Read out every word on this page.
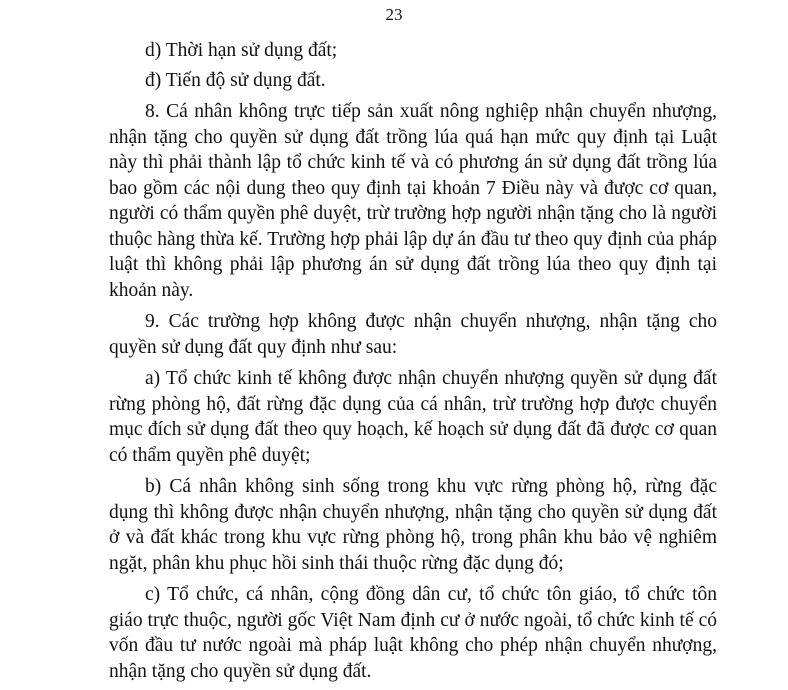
23

d) Thời hạn sử dụng đất;

đ) Tiến độ sử dụng đất.

8. Cá nhân không trực tiếp sản xuất nông nghiệp nhận chuyển nhượng, nhận tặng cho quyền sử dụng đất trồng lúa quá hạn mức quy định tại Luật này thì phải thành lập tổ chức kinh tế và có phương án sử dụng đất trồng lúa bao gồm các nội dung theo quy định tại khoản 7 Điều này và được cơ quan, người có thẩm quyền phê duyệt, trừ trường hợp người nhận tặng cho là người thuộc hàng thừa kế. Trường hợp phải lập dự án đầu tư theo quy định của pháp luật thì không phải lập phương án sử dụng đất trồng lúa theo quy định tại khoản này.

9. Các trường hợp không được nhận chuyển nhượng, nhận tặng cho quyền sử dụng đất quy định như sau:

a) Tổ chức kinh tế không được nhận chuyển nhượng quyền sử dụng đất rừng phòng hộ, đất rừng đặc dụng của cá nhân, trừ trường hợp được chuyển mục đích sử dụng đất theo quy hoạch, kế hoạch sử dụng đất đã được cơ quan có thẩm quyền phê duyệt;

b) Cá nhân không sinh sống trong khu vực rừng phòng hộ, rừng đặc dụng thì không được nhận chuyển nhượng, nhận tặng cho quyền sử dụng đất ở và đất khác trong khu vực rừng phòng hộ, trong phân khu bảo vệ nghiêm ngặt, phân khu phục hồi sinh thái thuộc rừng đặc dụng đó;

c) Tổ chức, cá nhân, cộng đồng dân cư, tổ chức tôn giáo, tổ chức tôn giáo trực thuộc, người gốc Việt Nam định cư ở nước ngoài, tổ chức kinh tế có vốn đầu tư nước ngoài mà pháp luật không cho phép nhận chuyển nhượng, nhận tặng cho quyền sử dụng đất.
